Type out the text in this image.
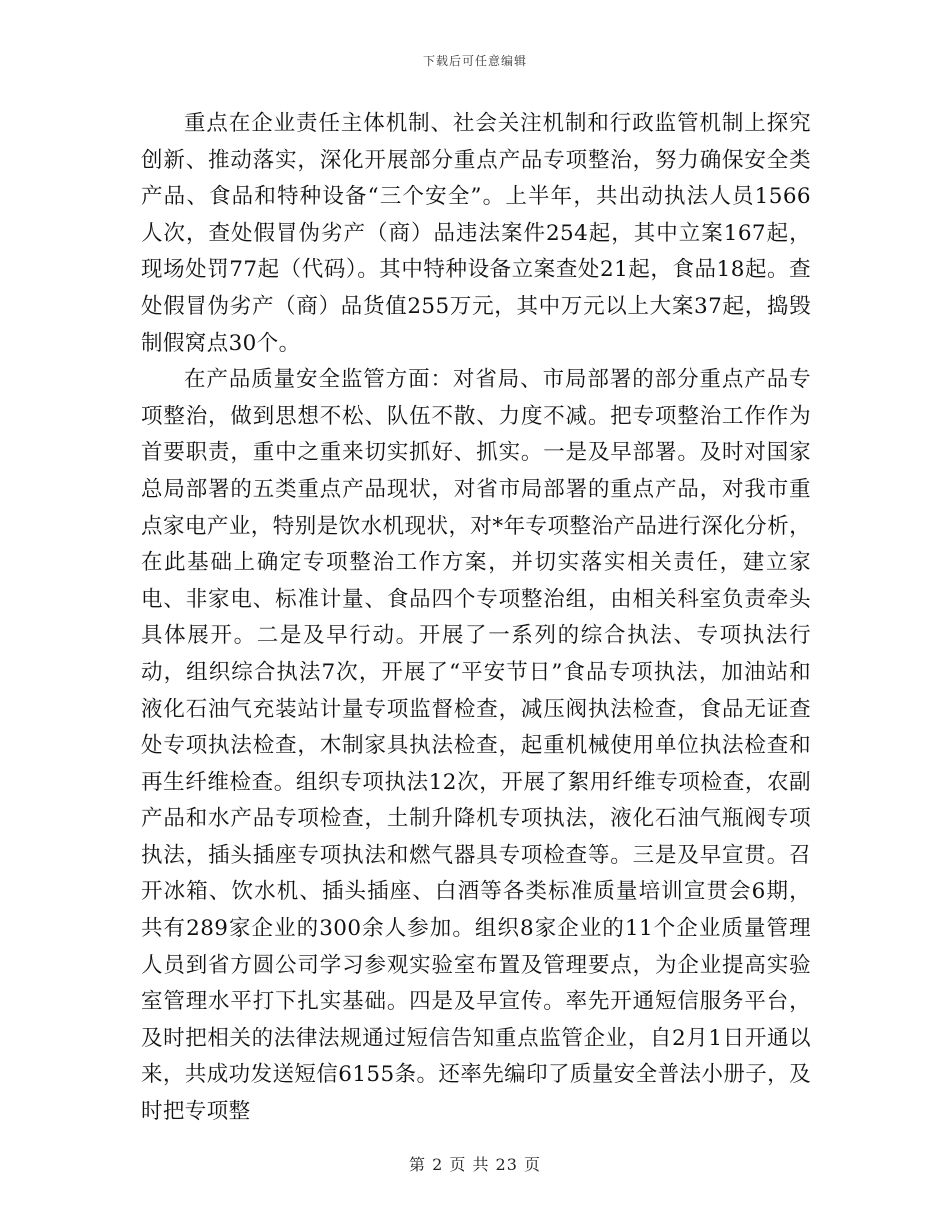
下载后可任意编辑

重点在企业责任主体机制、社会关注机制和行政监管机制上探究创新、推动落实，深化开展部分重点产品专项整治，努力确保安全类产品、食品和特种设备“三个安全”。上半年，共出动执法人员1566人次，查处假冒伪劣产（商）品违法案件254起，其中立案167起，现场处罚77起（代码）。其中特种设备立案查处21起，食品18起。查处假冒伪劣产（商）品货值255万元，其中万元以上大案37起，捣毁制假窝点30个。

在产品质量安全监管方面：对省局、市局部署的部分重点产品专项整治，做到思想不松、队伍不散、力度不减。把专项整治工作作为首要职责，重中之重来切实抓好、抓实。一是及早部署。及时对国家总局部署的五类重点产品现状，对省市局部署的重点产品，对我市重点家电产业，特别是饮水机现状，对*年专项整治产品进行深化分析，在此基础上确定专项整治工作方案，并切实落实相关责任，建立家电、非家电、标准计量、食品四个专项整治组，由相关科室负责牵头具体展开。二是及早行动。开展了一系列的综合执法、专项执法行动，组织综合执法7次，开展了“平安节日”食品专项执法，加油站和液化石油气充装站计量专项监督检查，减压阀执法检查，食品无证查处专项执法检查，木制家具执法检查，起重机械使用单位执法检查和再生纤维检查。组织专项执法12次，开展了絮用纤维专项检查，农副产品和水产品专项检查，土制升降机专项执法，液化石油气瓶阀专项执法，插头插座专项执法和燃气器具专项检查等。三是及早宣贯。召开冰箱、饮水机、插头插座、白酒等各类标准质量培训宣贯会6期，共有289家企业的300余人参加。组织8家企业的11个企业质量管理人员到省方圆公司学习参观实验室布置及管理要点，为企业提高实验室管理水平打下扎实基础。四是及早宣传。率先开通短信服务平台，及时把相关的法律法规通过短信告知重点监管企业，自2月1日开通以来，共成功发送短信6155条。还率先编印了质量安全普法小册子，及时把专项整

第 2 页 共 23 页
